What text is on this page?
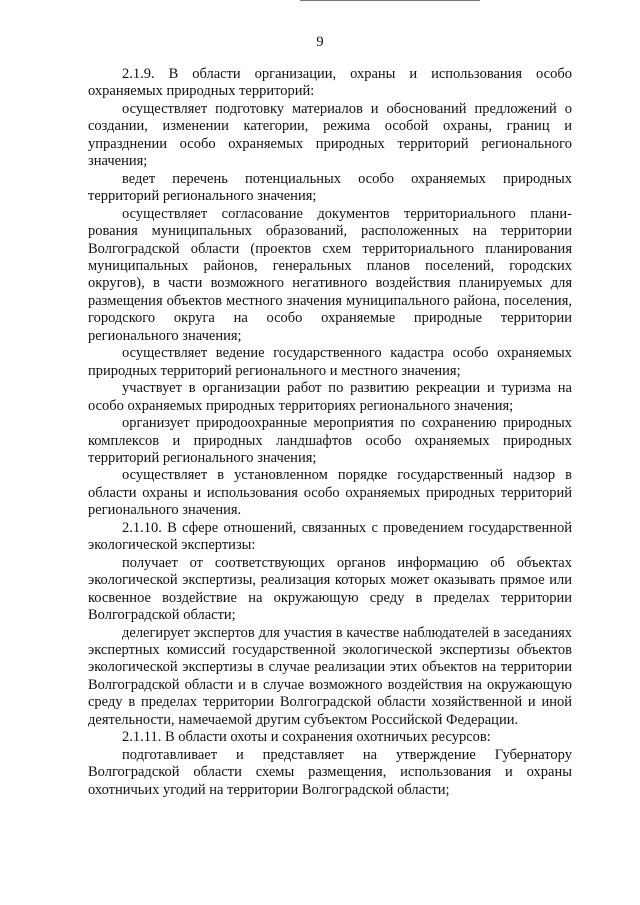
9

2.1.9. В области организации, охраны и использования особо охраняемых природных территорий:

осуществляет подготовку материалов и обоснований предложений о создании, изменении категории, режима особой охраны, границ и упразднении особо охраняемых природных территорий регионального значения;

ведет перечень потенциальных особо охраняемых природных территорий регионального значения;

осуществляет согласование документов территориального планирования муниципальных образований, расположенных на территории Волгоградской области (проектов схем территориального планирования муниципальных районов, генеральных планов поселений, городских округов), в части возможного негативного воздействия планируемых для размещения объектов местного значения муниципального района, поселения, городского округа на особо охраняемые природные территории регионального значения;

осуществляет ведение государственного кадастра особо охраняемых природных территорий регионального и местного значения;

участвует в организации работ по развитию рекреации и туризма на особо охраняемых природных территориях регионального значения;

организует природоохранные мероприятия по сохранению природных комплексов и природных ландшафтов особо охраняемых природных территорий регионального значения;

осуществляет в установленном порядке государственный надзор в области охраны и использования особо охраняемых природных территорий регионального значения.

2.1.10. В сфере отношений, связанных с проведением государственной экологической экспертизы:

получает от соответствующих органов информацию об объектах экологической экспертизы, реализация которых может оказывать прямое или косвенное воздействие на окружающую среду в пределах территории Волгоградской области;

делегирует экспертов для участия в качестве наблюдателей в заседаниях экспертных комиссий государственной экологической экспертизы объектов экологической экспертизы в случае реализации этих объектов на территории Волгоградской области и в случае возможного воздействия на окружающую среду в пределах территории Волгоградской области хозяйственной и иной деятельности, намечаемой другим субъектом Российской Федерации.

2.1.11. В области охоты и сохранения охотничьих ресурсов:

подготавливает и представляет на утверждение Губернатору Волгоградской области схемы размещения, использования и охраны охотничьих угодий на территории Волгоградской области;
